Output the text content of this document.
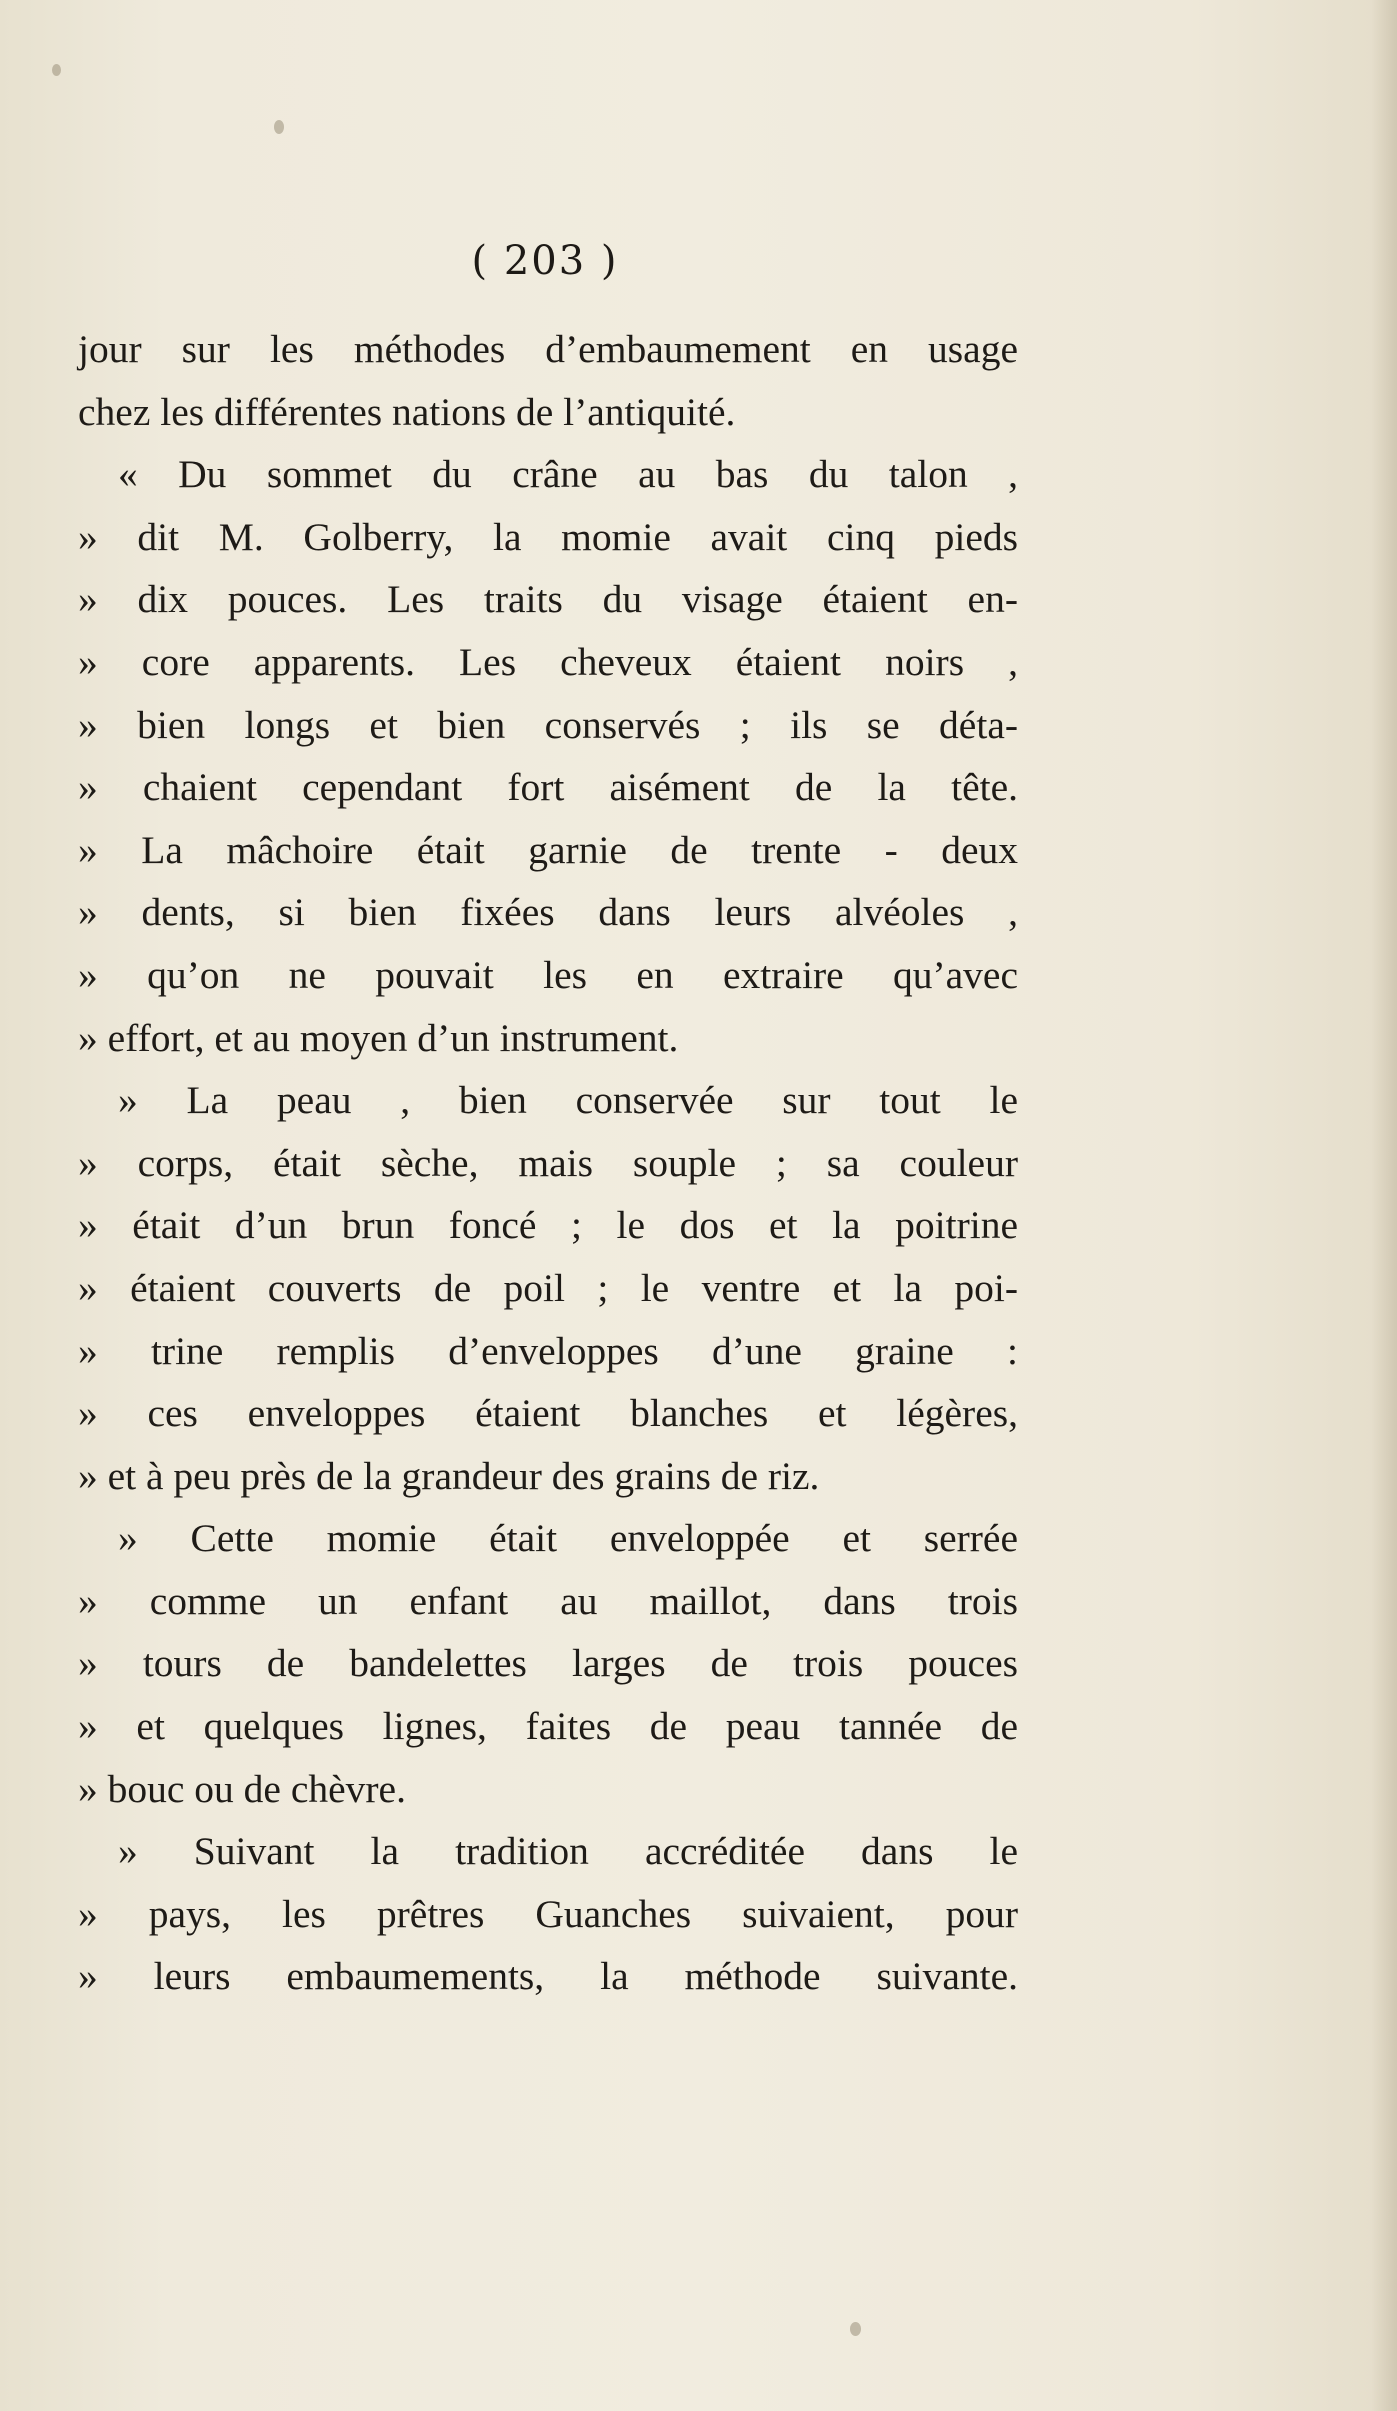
( 203 )
jour sur les méthodes d’embaumement en usage
chez les différentes nations de l’antiquité.
« Du sommet du crâne au bas du talon ,
» dit M. Golberry, la momie avait cinq pieds
» dix pouces. Les traits du visage étaient en-
» core apparents. Les cheveux étaient noirs ,
» bien longs et bien conservés ; ils se déta-
» chaient cependant fort aisément de la tête.
» La mâchoire était garnie de trente - deux
» dents, si bien fixées dans leurs alvéoles ,
» qu’on ne pouvait les en extraire qu’avec
» effort, et au moyen d’un instrument.
» La peau , bien conservée sur tout le
» corps, était sèche, mais souple ; sa couleur
» était d’un brun foncé ; le dos et la poitrine
» étaient couverts de poil ; le ventre et la poi-
» trine remplis d’enveloppes d’une graine :
» ces enveloppes étaient blanches et légères,
» et à peu près de la grandeur des grains de riz.
» Cette momie était enveloppée et serrée
» comme un enfant au maillot, dans trois
» tours de bandelettes larges de trois pouces
» et quelques lignes, faites de peau tannée de
» bouc ou de chèvre.
» Suivant la tradition accréditée dans le
» pays, les prêtres Guanches suivaient, pour
» leurs embaumements, la méthode suivante.
